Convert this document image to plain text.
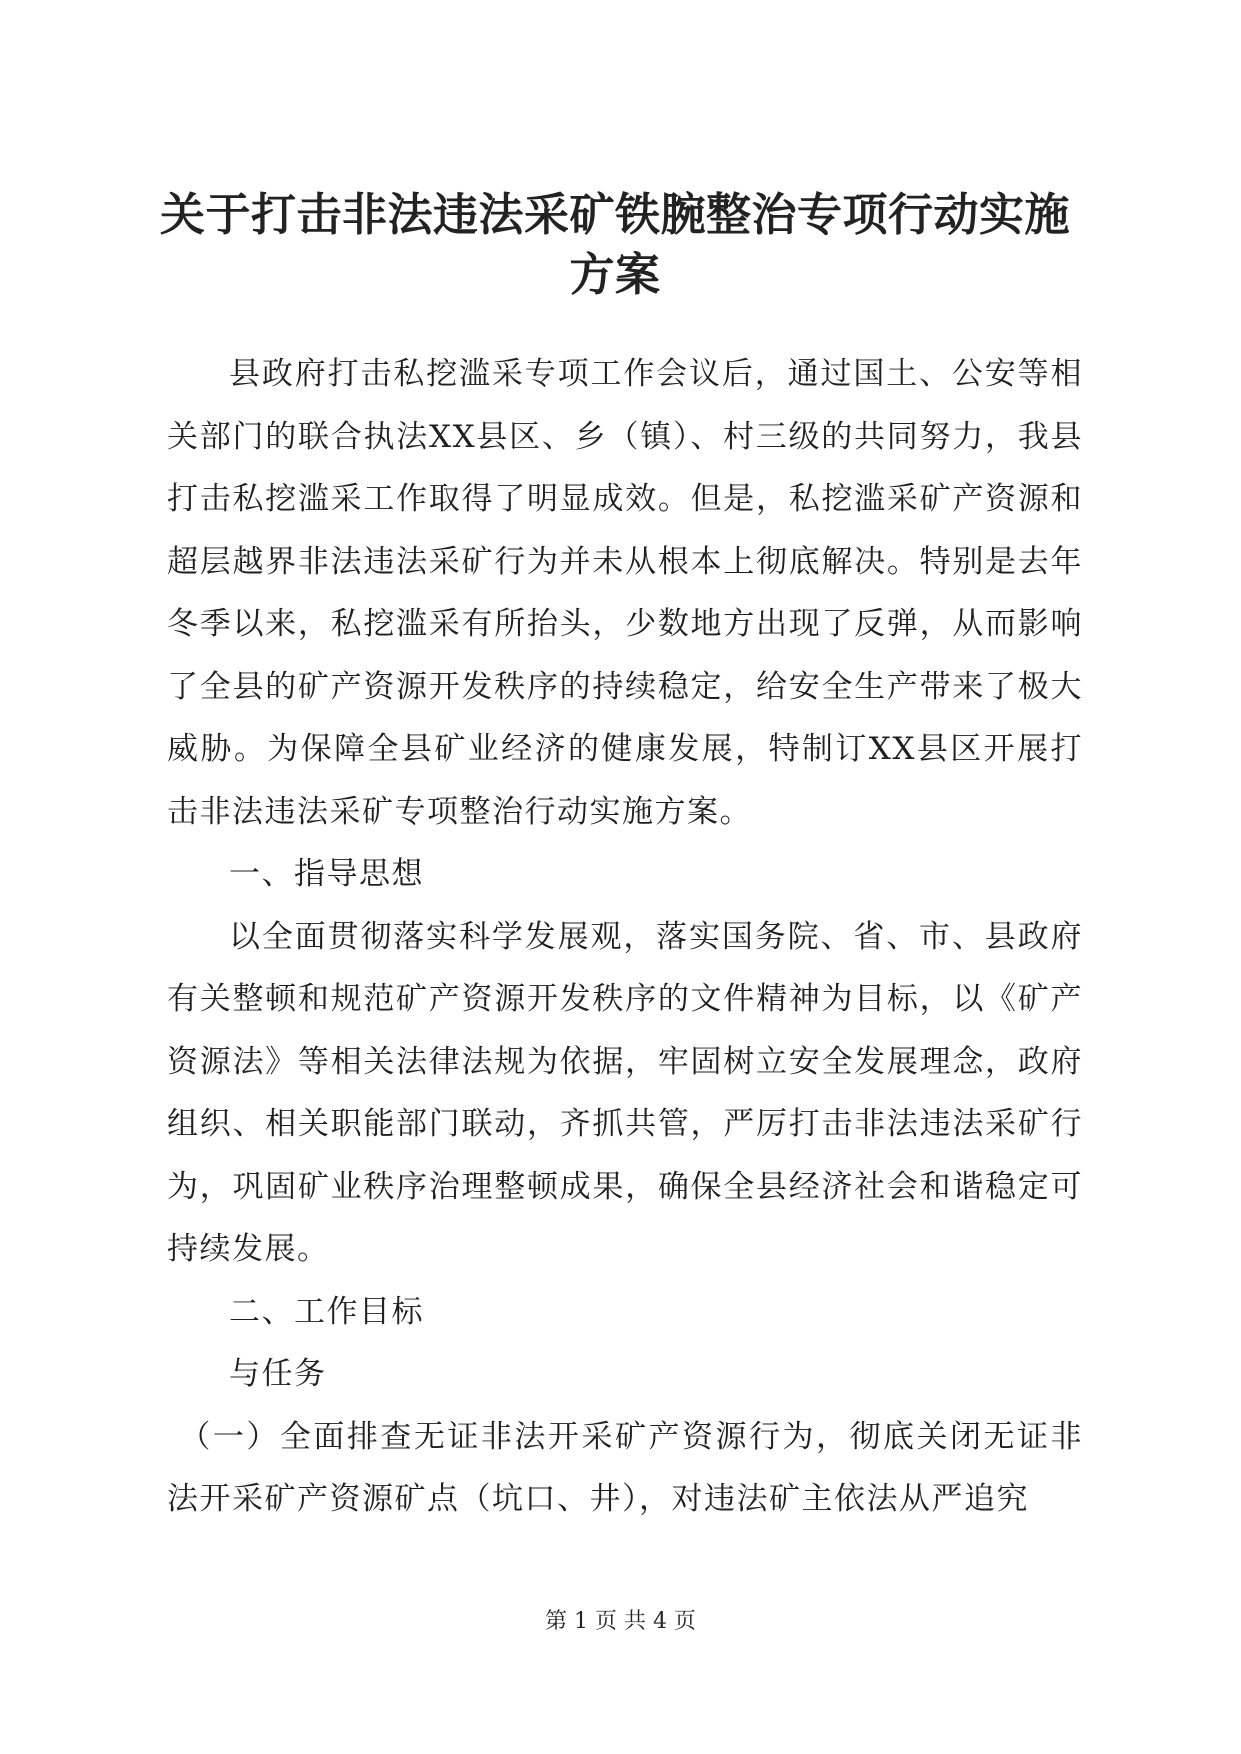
关于打击非法违法采矿铁腕整治专项行动实施方案

县政府打击私挖滥采专项工作会议后，通过国土、公安等相关部门的联合执法XX县区、乡（镇）、村三级的共同努力，我县打击私挖滥采工作取得了明显成效。但是，私挖滥采矿产资源和超层越界非法违法采矿行为并未从根本上彻底解决。特别是去年冬季以来，私挖滥采有所抬头，少数地方出现了反弹，从而影响了全县的矿产资源开发秩序的持续稳定，给安全生产带来了极大威胁。为保障全县矿业经济的健康发展，特制订XX县区开展打击非法违法采矿专项整治行动实施方案。

一、指导思想

以全面贯彻落实科学发展观，落实国务院、省、市、县政府有关整顿和规范矿产资源开发秩序的文件精神为目标，以《矿产资源法》等相关法律法规为依据，牢固树立安全发展理念，政府组织、相关职能部门联动，齐抓共管，严厉打击非法违法采矿行为，巩固矿业秩序治理整顿成果，确保全县经济社会和谐稳定可持续发展。

二、工作目标

与任务

（一）全面排查无证非法开采矿产资源行为，彻底关闭无证非法开采矿产资源矿点（坑口、井），对违法矿主依法从严追究

第 1 页 共 4 页
